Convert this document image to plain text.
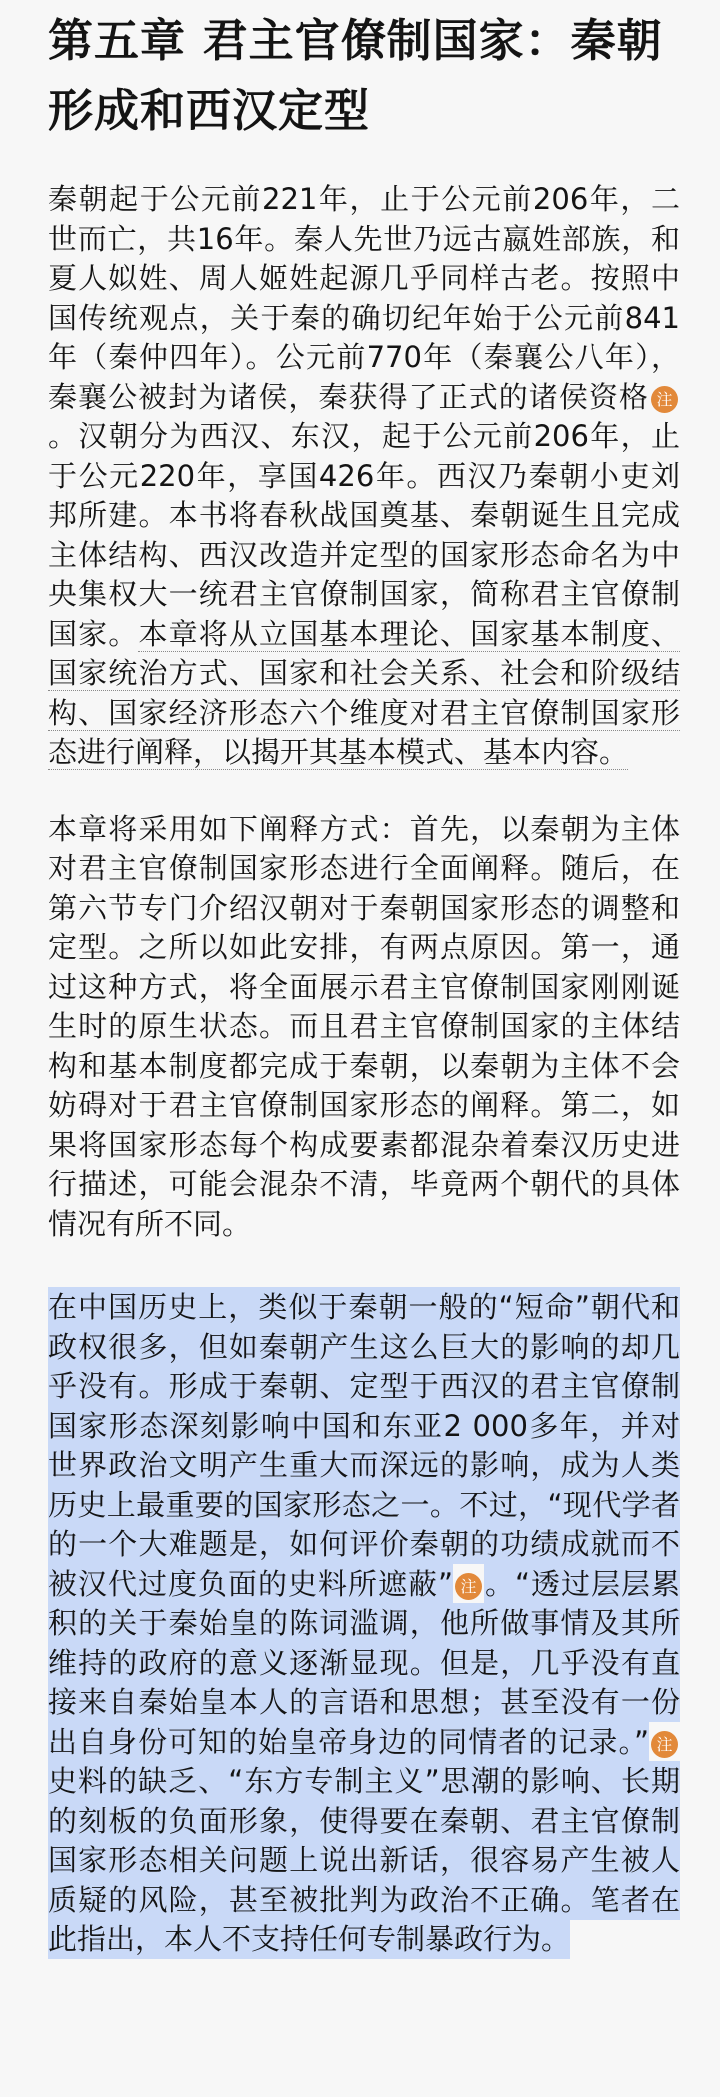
第五章 君主官僚制国家：秦朝形成和西汉定型

秦朝起于公元前221年，止于公元前206年，二世而亡，共16年。秦人先世乃远古嬴姓部族，和夏人姒姓、周人姬姓起源几乎同样古老。按照中国传统观点，关于秦的确切纪年始于公元前841年（秦仲四年）。公元前770年（秦襄公八年），秦襄公被封为诸侯，秦获得了正式的诸侯资格 注。汉朝分为西汉、东汉，起于公元前206年，止于公元220年，享国426年。西汉乃秦朝小吏刘邦所建。本书将春秋战国奠基、秦朝诞生且完成主体结构、西汉改造并定型的国家形态命名为中央集权大一统君主官僚制国家，简称君主官僚制国家。本章将从立国基本理论、国家基本制度、国家统治方式、国家和社会关系、社会和阶级结构、国家经济形态六个维度对君主官僚制国家形态进行阐释，以揭开其基本模式、基本内容。

本章将采用如下阐释方式：首先，以秦朝为主体对君主官僚制国家形态进行全面阐释。随后，在第六节专门介绍汉朝对于秦朝国家形态的调整和定型。之所以如此安排，有两点原因。第一，通过这种方式，将全面展示君主官僚制国家刚刚诞生时的原生状态。而且君主官僚制国家的主体结构和基本制度都完成于秦朝，以秦朝为主体不会妨碍对于君主官僚制国家形态的阐释。第二，如果将国家形态每个构成要素都混杂着秦汉历史进行描述，可能会混杂不清，毕竟两个朝代的具体情况有所不同。

在中国历史上，类似于秦朝一般的“短命”朝代和政权很多，但如秦朝产生这么巨大的影响的却几乎没有。形成于秦朝、定型于西汉的君主官僚制国家形态深刻影响中国和东亚2 000多年，并对世界政治文明产生重大而深远的影响，成为人类历史上最重要的国家形态之一。不过，“现代学者的一个大难题是，如何评价秦朝的功绩成就而不被汉代过度负面的史料所遮蔽” 注 。“透过层层累积的关于秦始皇的陈词滥调，他所做事情及其所维持的政府的意义逐渐显现。但是，几乎没有直接来自秦始皇本人的言语和思想；甚至没有一份出自身份可知的始皇帝身边的同情者的记录。” 注史料的缺乏、“东方专制主义”思潮的影响、长期的刻板的负面形象，使得要在秦朝、君主官僚制国家形态相关问题上说出新话，很容易产生被人质疑的风险，甚至被批判为政治不正确。笔者在此指出，本人不支持任何专制暴政行为。
